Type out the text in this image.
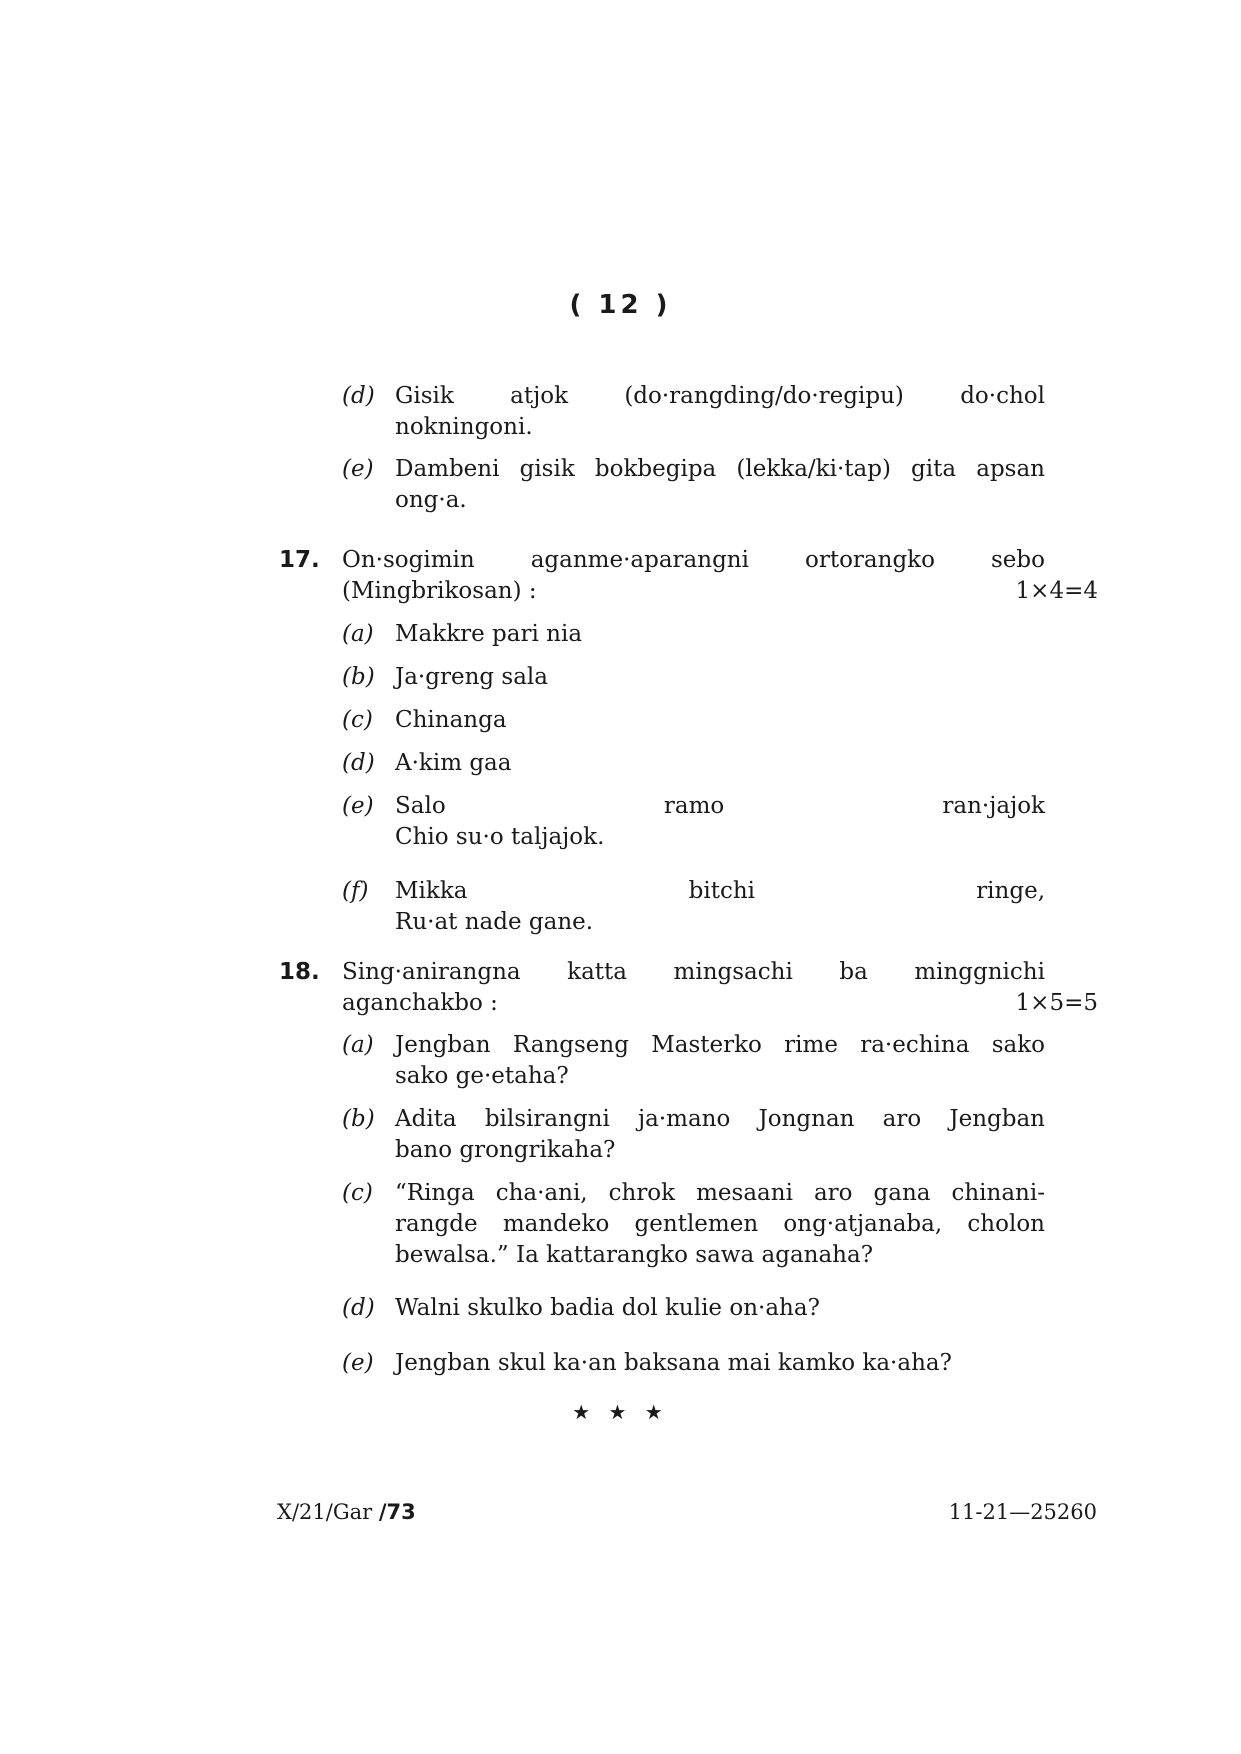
( 12 )
(d) Gisik atjok (do·rangding/do·regipu) do·chol
nokningoni.
(e) Dambeni gisik bokbegipa (lekka/ki·tap) gita apsan
ong·a.
17. On·sogimin aganme·aparangni ortorangko sebo
(Mingbrikosan) :	1×4=4
(a) Makkre pari nia
(b) Ja·greng sala
(c) Chinanga
(d) A·kim gaa
(e) Salo ramo ran·jajok
Chio su·o taljajok.
(f) Mikka bitchi ringe,
Ru·at nade gane.
18. Sing·anirangna katta mingsachi ba minggnichi
aganchakbo :	1×5=5
(a) Jengban Rangseng Masterko rime ra·echina sako
sako ge·etaha?
(b) Adita bilsirangni ja·mano Jongnan aro Jengban
bano grongrikaha?
(c) “Ringa cha·ani, chrok mesaani aro gana chinani-
rangde mandeko gentlemen ong·atjanaba, cholon
bewalsa.” Ia kattarangko sawa aganaha?
(d) Walni skulko badia dol kulie on·aha?
(e) Jengban skul ka·an baksana mai kamko ka·aha?
★ ★ ★
X/21/Gar /73	11-21—25260
